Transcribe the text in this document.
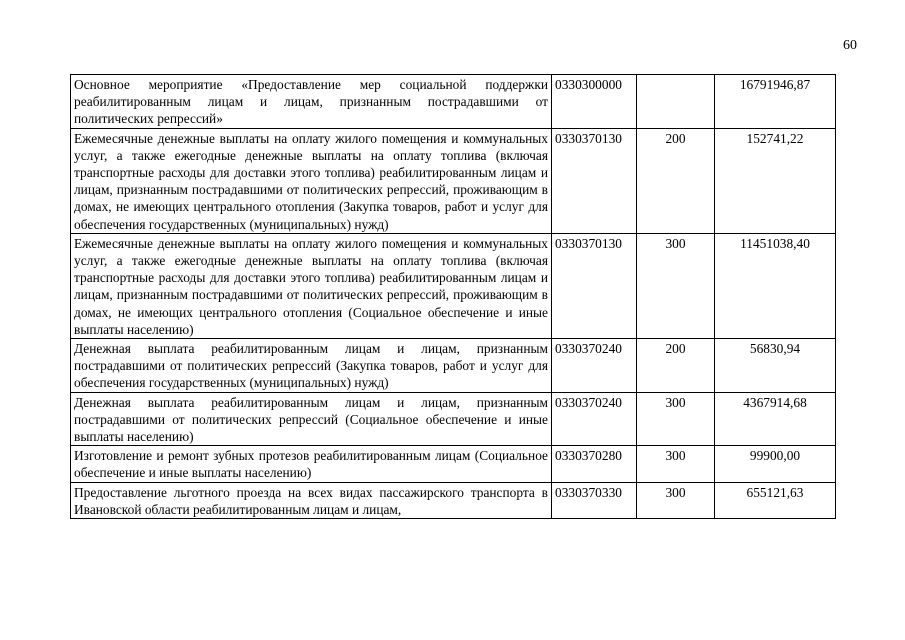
60
Основное мероприятие «Предоставление мер социальной поддержки реабилитированным лицам и лицам, признанным пострадавшими от политических репрессий»	0330300000		16791946,87
Ежемесячные денежные выплаты на оплату жилого помещения и коммунальных услуг, а также ежегодные денежные выплаты на оплату топлива (включая транспортные расходы для доставки этого топлива) реабилитированным лицам и лицам, признанным пострадавшими от политических репрессий, проживающим в домах, не имеющих центрального отопления (Закупка товаров, работ и услуг для обеспечения государственных (муниципальных) нужд)	0330370130	200	152741,22
Ежемесячные денежные выплаты на оплату жилого помещения и коммунальных услуг, а также ежегодные денежные выплаты на оплату топлива (включая транспортные расходы для доставки этого топлива) реабилитированным лицам и лицам, признанным пострадавшими от политических репрессий, проживающим в домах, не имеющих центрального отопления (Социальное обеспечение и иные выплаты населению)	0330370130	300	11451038,40
Денежная выплата реабилитированным лицам и лицам, признанным пострадавшими от политических репрессий (Закупка товаров, работ и услуг для обеспечения государственных (муниципальных) нужд)	0330370240	200	56830,94
Денежная выплата реабилитированным лицам и лицам, признанным пострадавшими от политических репрессий (Социальное обеспечение и иные выплаты населению)	0330370240	300	4367914,68
Изготовление и ремонт зубных протезов реабилитированным лицам (Социальное обеспечение и иные выплаты населению)	0330370280	300	99900,00
Предоставление льготного проезда на всех видах пассажирского транспорта в Ивановской области реабилитированным лицам и лицам,	0330370330	300	655121,63
